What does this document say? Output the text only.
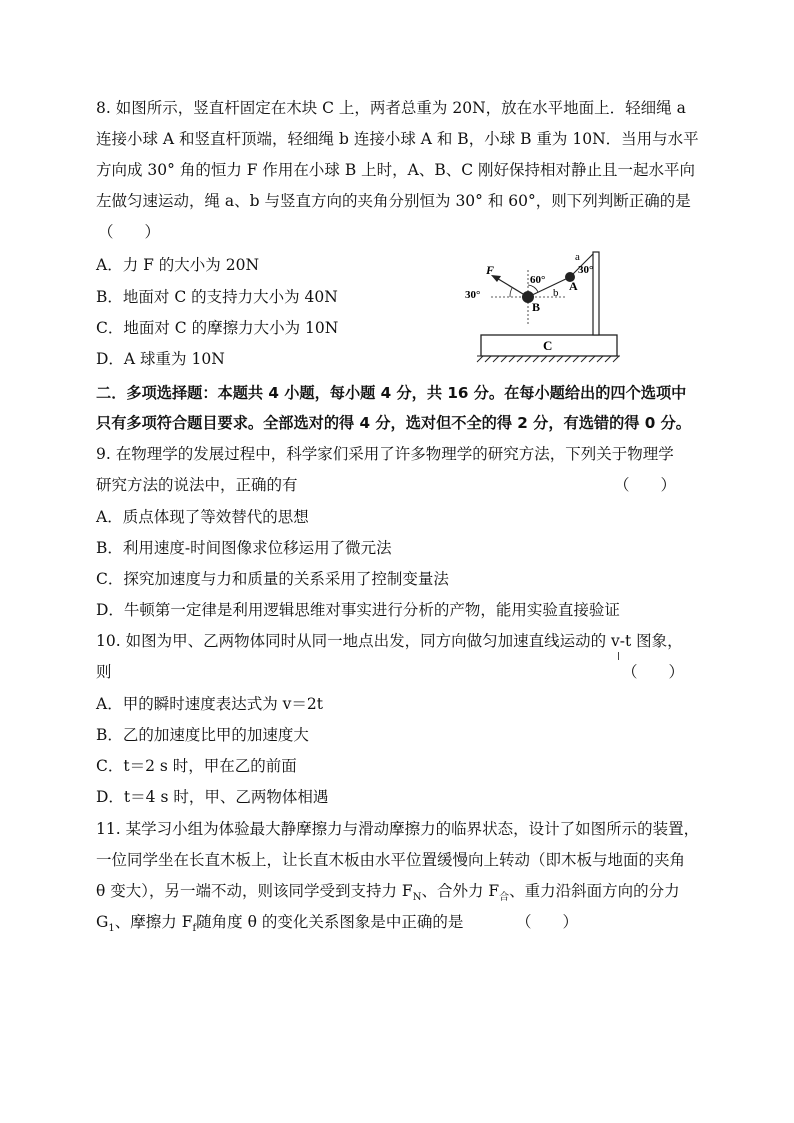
8. 如图所示，竖直杆固定在木块 C 上，两者总重为 20N，放在水平地面上．轻细绳 a
连接小球 A 和竖直杆顶端，轻细绳 b 连接小球 A 和 B，小球 B 重为 10N．当用与水平
方向成 30° 角的恒力 F 作用在小球 B 上时，A、B、C 刚好保持相对静止且一起水平向
左做匀速运动，绳 a、b 与竖直方向的夹角分别恒为 30° 和 60°，则下列判断正确的是
（　　）
A．力 F 的大小为 20N
B．地面对 C 的支持力大小为 40N
C．地面对 C 的摩擦力大小为 10N
D．A 球重为 10N
C
a
30°
A
b
60°
F
30°
B
二．多项选择题：本题共 4 小题，每小题 4 分，共 16 分。在每小题给出的四个选项中
只有多项符合题目要求。全部选对的得 4 分，选对但不全的得 2 分，有选错的得 0 分。
9. 在物理学的发展过程中，科学家们采用了许多物理学的研究方法，下列关于物理学
研究方法的说法中，正确的有	（　　）
A．质点体现了等效替代的思想
B．利用速度-时间图像求位移运用了微元法
C．探究加速度与力和质量的关系采用了控制变量法
D．牛顿第一定律是利用逻辑思维对事实进行分析的产物，能用实验直接验证
10. 如图为甲、乙两物体同时从同一地点出发，同方向做匀加速直线运动的 v-t 图象，
则	（　　）
A．甲的瞬时速度表达式为 v＝2t
B．乙的加速度比甲的加速度大
C．t＝2 s 时，甲在乙的前面
D．t＝4 s 时，甲、乙两物体相遇
11. 某学习小组为体验最大静摩擦力与滑动摩擦力的临界状态，设计了如图所示的装置，
一位同学坐在长直木板上，让长直木板由水平位置缓慢向上转动（即木板与地面的夹角
θ 变大），另一端不动，则该同学受到支持力 $F_N$、合外力 $F_合$、重力沿斜面方向的分力
$G_1$、摩擦力 $F_f$随角度 θ 的变化关系图象是中正确的是	（　　）
